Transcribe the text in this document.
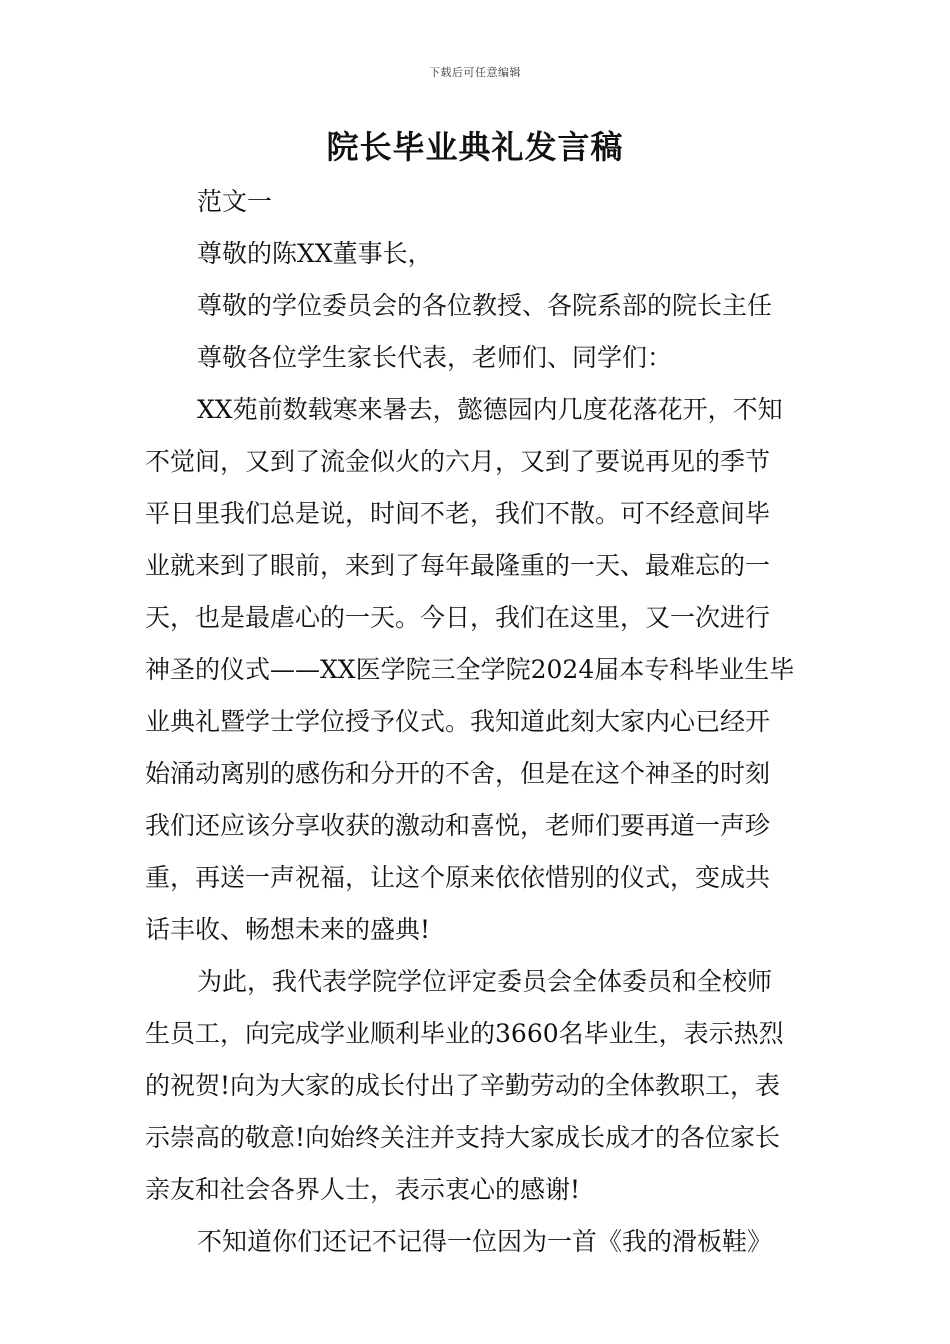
下载后可任意编辑
院长毕业典礼发言稿
范文一
尊敬的陈XX董事长，
尊敬的学位委员会的各位教授、各院系部的院长主任
尊敬各位学生家长代表，老师们、同学们：
XX苑前数载寒来暑去，懿德园内几度花落花开，不知
不觉间，又到了流金似火的六月，又到了要说再见的季节
平日里我们总是说，时间不老，我们不散。可不经意间毕
业就来到了眼前，来到了每年最隆重的一天、最难忘的一
天，也是最虐心的一天。今日，我们在这里，又一次进行
神圣的仪式——XX医学院三全学院2024届本专科毕业生毕
业典礼暨学士学位授予仪式。我知道此刻大家内心已经开
始涌动离别的感伤和分开的不舍，但是在这个神圣的时刻
我们还应该分享收获的激动和喜悦，老师们要再道一声珍
重，再送一声祝福，让这个原来依依惜别的仪式，变成共
话丰收、畅想未来的盛典!
为此，我代表学院学位评定委员会全体委员和全校师
生员工，向完成学业顺利毕业的3660名毕业生，表示热烈
的祝贺!向为大家的成长付出了辛勤劳动的全体教职工，表
示崇高的敬意!向始终关注并支持大家成长成才的各位家长
亲友和社会各界人士，表示衷心的感谢!
不知道你们还记不记得一位因为一首《我的滑板鞋》
